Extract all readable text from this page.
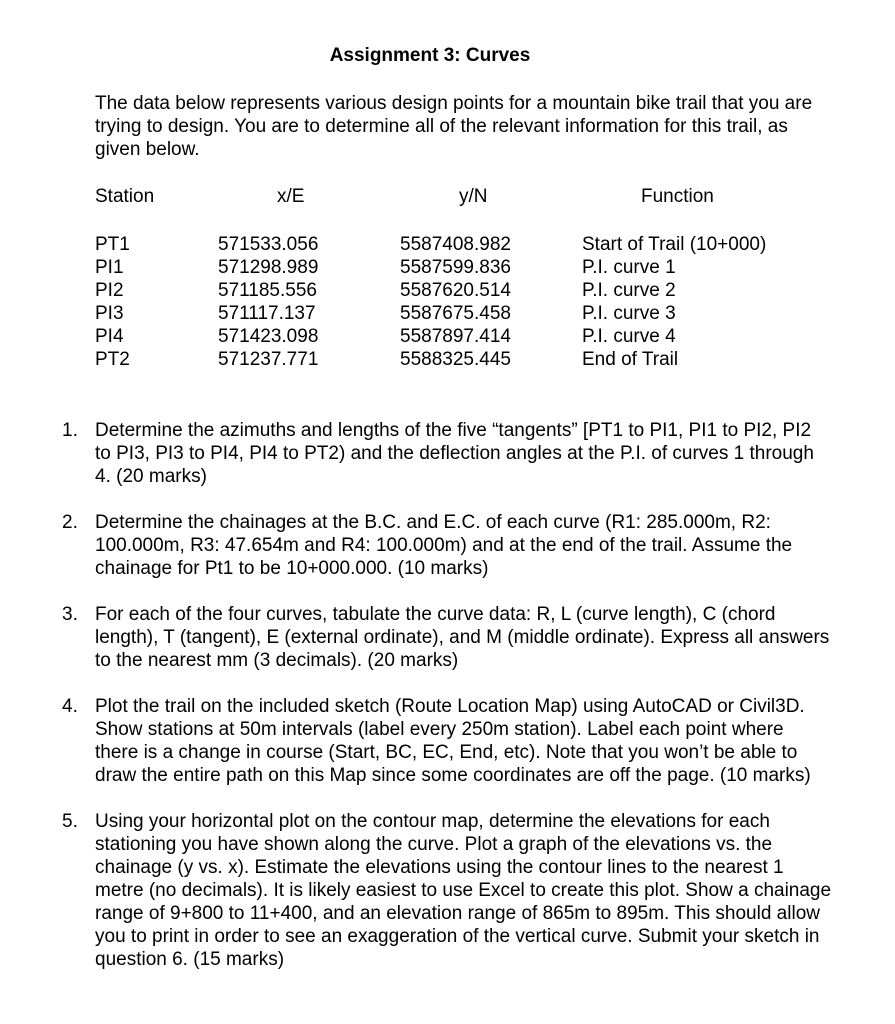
Assignment 3: Curves
The data below represents various design points for a mountain bike trail that you are trying to design. You are to determine all of the relevant information for this trail, as given below.
Station	x/E	y/N	Function
PT1	571533.056	5587408.982	Start of Trail (10+000)
PI1	571298.989	5587599.836	P.I. curve 1
PI2	571185.556	5587620.514	P.I. curve 2
PI3	571117.137	5587675.458	P.I. curve 3
PI4	571423.098	5587897.414	P.I. curve 4
PT2	571237.771	5588325.445	End of Trail
1. Determine the azimuths and lengths of the five “tangents” [PT1 to PI1, PI1 to PI2, PI2 to PI3, PI3 to PI4, PI4 to PT2) and the deflection angles at the P.I. of curves 1 through 4. (20 marks)
2. Determine the chainages at the B.C. and E.C. of each curve (R1: 285.000m, R2: 100.000m, R3: 47.654m and R4: 100.000m) and at the end of the trail. Assume the chainage for Pt1 to be 10+000.000. (10 marks)
3. For each of the four curves, tabulate the curve data: R, L (curve length), C (chord length), T (tangent), E (external ordinate), and M (middle ordinate). Express all answers to the nearest mm (3 decimals). (20 marks)
4. Plot the trail on the included sketch (Route Location Map) using AutoCAD or Civil3D. Show stations at 50m intervals (label every 250m station). Label each point where there is a change in course (Start, BC, EC, End, etc). Note that you won’t be able to draw the entire path on this Map since some coordinates are off the page. (10 marks)
5. Using your horizontal plot on the contour map, determine the elevations for each stationing you have shown along the curve. Plot a graph of the elevations vs. the chainage (y vs. x). Estimate the elevations using the contour lines to the nearest 1 metre (no decimals). It is likely easiest to use Excel to create this plot. Show a chainage range of 9+800 to 11+400, and an elevation range of 865m to 895m. This should allow you to print in order to see an exaggeration of the vertical curve. Submit your sketch in question 6. (15 marks)
